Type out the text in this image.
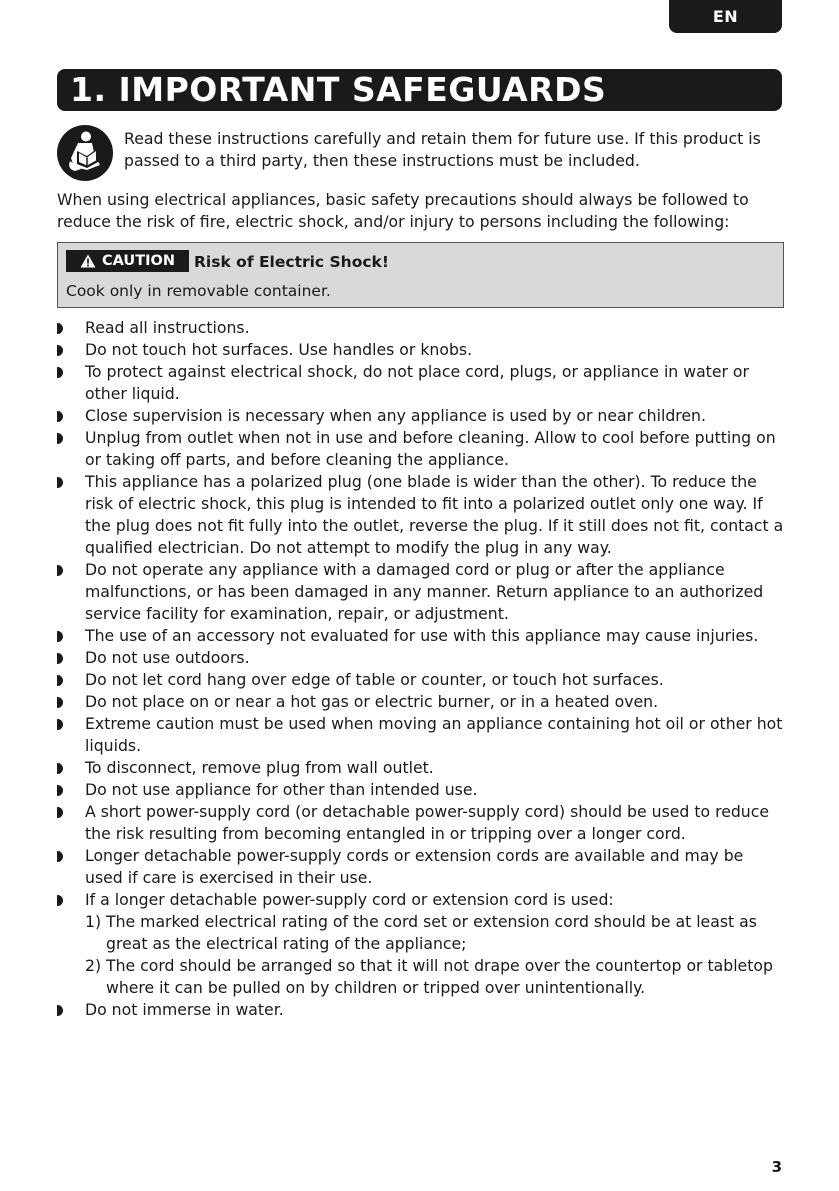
EN
1. IMPORTANT SAFEGUARDS
Read these instructions carefully and retain them for future use. If this product is passed to a third party, then these instructions must be included.
When using electrical appliances, basic safety precautions should always be followed to reduce the risk of fire, electric shock, and/or injury to persons including the following:
CAUTION Risk of Electric Shock!
Cook only in removable container.
Read all instructions.
Do not touch hot surfaces. Use handles or knobs.
To protect against electrical shock, do not place cord, plugs, or appliance in water or other liquid.
Close supervision is necessary when any appliance is used by or near children.
Unplug from outlet when not in use and before cleaning. Allow to cool before putting on or taking off parts, and before cleaning the appliance.
This appliance has a polarized plug (one blade is wider than the other). To reduce the risk of electric shock, this plug is intended to fit into a polarized outlet only one way. If the plug does not fit fully into the outlet, reverse the plug. If it still does not fit, contact a qualified electrician. Do not attempt to modify the plug in any way.
Do not operate any appliance with a damaged cord or plug or after the appliance malfunctions, or has been damaged in any manner. Return appliance to an authorized service facility for examination, repair, or adjustment.
The use of an accessory not evaluated for use with this appliance may cause injuries.
Do not use outdoors.
Do not let cord hang over edge of table or counter, or touch hot surfaces.
Do not place on or near a hot gas or electric burner, or in a heated oven.
Extreme caution must be used when moving an appliance containing hot oil or other hot liquids.
To disconnect, remove plug from wall outlet.
Do not use appliance for other than intended use.
A short power-supply cord (or detachable power-supply cord) should be used to reduce the risk resulting from becoming entangled in or tripping over a longer cord.
Longer detachable power-supply cords or extension cords are available and may be used if care is exercised in their use.
If a longer detachable power-supply cord or extension cord is used:
1) The marked electrical rating of the cord set or extension cord should be at least as great as the electrical rating of the appliance;
2) The cord should be arranged so that it will not drape over the countertop or tabletop where it can be pulled on by children or tripped over unintentionally.
Do not immerse in water.
3
